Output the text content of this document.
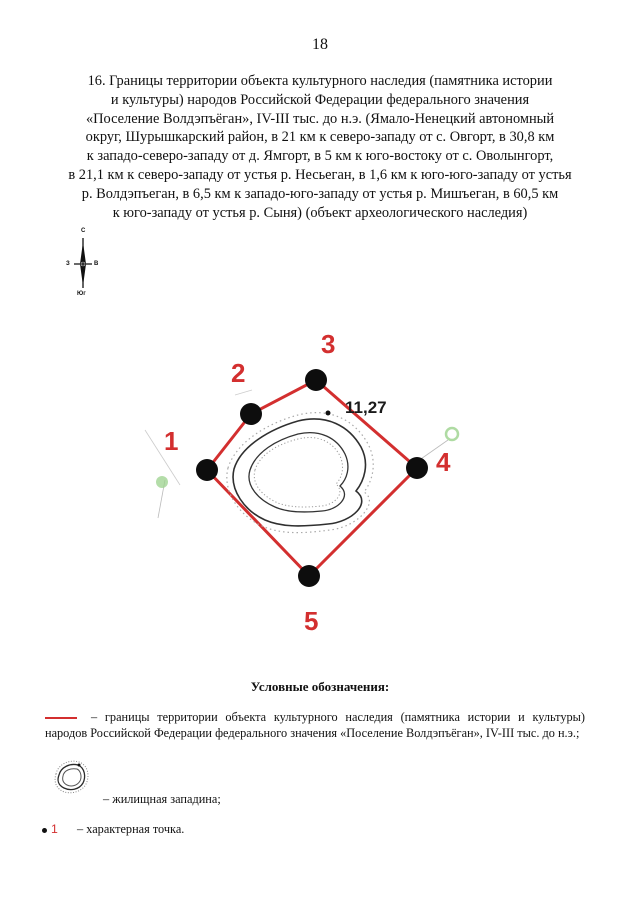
18
16. Границы территории объекта культурного наследия (памятника истории
и культуры) народов Российской Федерации федерального значения
«Поселение Волдэпъёган», IV-III тыс. до н.э. (Ямало-Ненецкий автономный
округ, Шурышкарский район, в 21 км к северо-западу от с. Овгорт, в 30,8 км
к западо-северо-западу от д. Ямгорт, в 5 км к юго-востоку от с. Оволынгорт,
в 21,1 км к северо-западу от устья р. Несьеган, в 1,6 км к юго-юго-западу от устья
р. Волдэпъеган, в 6,5 км к западо-юго-западу от устья р. Мишъеган, в 60,5 км
к юго-западу от устья р. Сыня) (объект археологического наследия)
С
З	В
Юг
11,27
1
2
3
4
5
Условные обозначения:
– границы территории объекта культурного наследия (памятника истории и культуры) народов Российской Федерации федерального значения «Поселение Волдэпъёган», IV-III тыс. до н.э.;
– жилищная западина;
1 – характерная точка.
